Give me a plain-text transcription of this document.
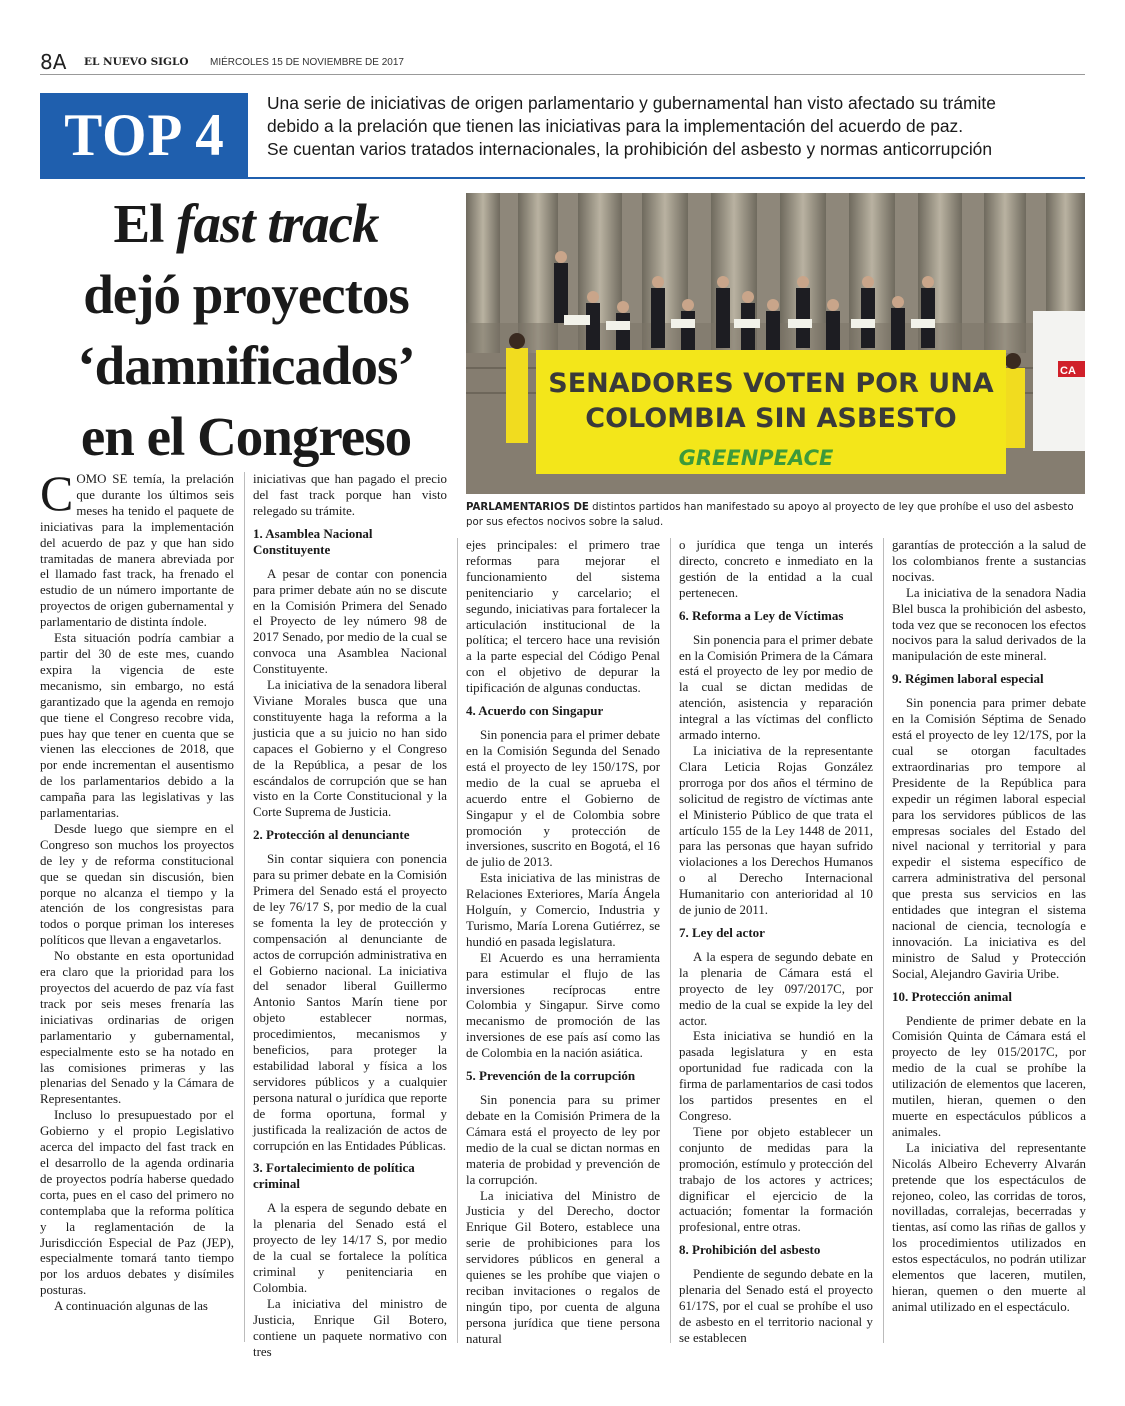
8A EL NUEVO SIGLO MIÉRCOLES 15 DE NOVIEMBRE DE 2017
TOP 4	Una serie de iniciativas de origen parlamentario y gubernamental han visto afectado su trámite
debido a la prelación que tienen las iniciativas para la implementación del acuerdo de paz.
Se cuentan varios tratados internacionales, la prohibición del asbesto y normas anticorrupción
El fast track
dejó proyectos
‘damnificados’
en el Congreso
CA
SENADORES VOTEN POR UNA
COLOMBIA SIN ASBESTO
GREENPEACE
PARLAMENTARIOS DE distintos partidos han manifestado su apoyo al proyecto de ley que prohíbe el uso del asbesto por sus efectos nocivos sobre la salud.

COMO SE temía, la prelación que durante los últimos seis meses ha tenido el paquete de iniciativas para la implementación del acuerdo de paz y que han sido tramitadas de manera abreviada por el llamado fast track, ha frenado el estudio de un número importante de proyectos de origen gubernamental y parlamentario de distinta índole.

Esta situación podría cambiar a partir del 30 de este mes, cuando expira la vigencia de este mecanismo, sin embargo, no está garantizado que la agenda en remojo que tiene el Congreso recobre vida, pues hay que tener en cuenta que se vienen las elecciones de 2018, que por ende incrementan el ausentismo de los parlamentarios debido a la campaña para las legislativas y las parlamentarias.

Desde luego que siempre en el Congreso son muchos los proyectos de ley y de reforma constitucional que se quedan sin discusión, bien porque no alcanza el tiempo y la atención de los congresistas para todos o porque priman los intereses políticos que llevan a engavetarlos.

No obstante en esta oportunidad era claro que la prioridad para los proyectos del acuerdo de paz vía fast track por seis meses frenaría las iniciativas ordinarias de origen parlamentario y gubernamental, especialmente esto se ha notado en las comisiones primeras y las plenarias del Senado y la Cámara de Representantes.

Incluso lo presupuestado por el Gobierno y el propio Legislativo acerca del impacto del fast track en el desarrollo de la agenda ordinaria de proyectos podría haberse quedado corta, pues en el caso del primero no contemplaba que la reforma política y la reglamentación de la Jurisdicción Especial de Paz (JEP), especialmente tomará tanto tiempo por los arduos debates y disímiles posturas.

A continuación algunas de las

iniciativas que han pagado el precio del fast track porque han visto relegado su trámite.

1. Asamblea Nacional Constituyente

A pesar de contar con ponencia para primer debate aún no se discute en la Comisión Primera del Senado el Proyecto de ley número 98 de 2017 Senado, por medio de la cual se convoca una Asamblea Nacional Constituyente.

La iniciativa de la senadora liberal Viviane Morales busca que una constituyente haga la reforma a la justicia que a su juicio no han sido capaces el Gobierno y el Congreso de la República, a pesar de los escándalos de corrupción que se han visto en la Corte Constitucional y la Corte Suprema de Justicia.

2. Protección al denunciante

Sin contar siquiera con ponencia para su primer debate en la Comisión Primera del Senado está el proyecto de ley 76/17 S, por medio de la cual se fomenta la ley de protección y compensación al denunciante de actos de corrupción administrativa en el Gobierno nacional. La iniciativa del senador liberal Guillermo Antonio Santos Marín tiene por objeto establecer normas, procedimientos, mecanismos y beneficios, para proteger la estabilidad laboral y física a los servidores públicos y a cualquier persona natural o jurídica que reporte de forma oportuna, formal y justificada la realización de actos de corrupción en las Entidades Públicas.

3. Fortalecimiento de política criminal

A la espera de segundo debate en la plenaria del Senado está el proyecto de ley 14/17 S, por medio de la cual se fortalece la política criminal y penitenciaria en Colombia.

La iniciativa del ministro de Justicia, Enrique Gil Botero, contiene un paquete normativo con tres

ejes principales: el primero trae reformas para mejorar el funcionamiento del sistema penitenciario y carcelario; el segundo, iniciativas para fortalecer la articulación institucional de la política; el tercero hace una revisión a la parte especial del Código Penal con el objetivo de depurar la tipificación de algunas conductas.

4. Acuerdo con Singapur

Sin ponencia para el primer debate en la Comisión Segunda del Senado está el proyecto de ley 150/17S, por medio de la cual se aprueba el acuerdo entre el Gobierno de Singapur y el de Colombia sobre promoción y protección de inversiones, suscrito en Bogotá, el 16 de julio de 2013.

Esta iniciativa de las ministras de Relaciones Exteriores, María Ángela Holguín, y Comercio, Industria y Turismo, María Lorena Gutiérrez, se hundió en pasada legislatura.

El Acuerdo es una herramienta para estimular el flujo de las inversiones recíprocas entre Colombia y Singapur. Sirve como mecanismo de promoción de las inversiones de ese país así como las de Colombia en la nación asiática.

5. Prevención de la corrupción

Sin ponencia para su primer debate en la Comisión Primera de la Cámara está el proyecto de ley por medio de la cual se dictan normas en materia de probidad y prevención de la corrupción.

La iniciativa del Ministro de Justicia y del Derecho, doctor Enrique Gil Botero, establece una serie de prohibiciones para los servidores públicos en general a quienes se les prohíbe que viajen o reciban invitaciones o regalos de ningún tipo, por cuenta de alguna persona jurídica que tiene persona natural

o jurídica que tenga un interés directo, concreto e inmediato en la gestión de la entidad a la cual pertenecen.

6. Reforma a Ley de Víctimas

Sin ponencia para el primer debate en la Comisión Primera de la Cámara está el proyecto de ley por medio de la cual se dictan medidas de atención, asistencia y reparación integral a las víctimas del conflicto armado interno.

La iniciativa de la representante Clara Leticia Rojas González prorroga por dos años el término de solicitud de registro de víctimas ante el Ministerio Público de que trata el artículo 155 de la Ley 1448 de 2011, para las personas que hayan sufrido violaciones a los Derechos Humanos o al Derecho Internacional Humanitario con anterioridad al 10 de junio de 2011.

7. Ley del actor

A la espera de segundo debate en la plenaria de Cámara está el proyecto de ley 097/2017C, por medio de la cual se expide la ley del actor.

Esta iniciativa se hundió en la pasada legislatura y en esta oportunidad fue radicada con la firma de parlamentarios de casi todos los partidos presentes en el Congreso.

Tiene por objeto establecer un conjunto de medidas para la promoción, estímulo y protección del trabajo de los actores y actrices; dignificar el ejercicio de la actuación; fomentar la formación profesional, entre otras.

8. Prohibición del asbesto

Pendiente de segundo debate en la plenaria del Senado está el proyecto 61/17S, por el cual se prohíbe el uso de asbesto en el territorio nacional y se establecen

garantías de protección a la salud de los colombianos frente a sustancias nocivas.

La iniciativa de la senadora Nadia Blel busca la prohibición del asbesto, toda vez que se reconocen los efectos nocivos para la salud derivados de la manipulación de este mineral.

9. Régimen laboral especial

Sin ponencia para primer debate en la Comisión Séptima de Senado está el proyecto de ley 12/17S, por la cual se otorgan facultades extraordinarias pro tempore al Presidente de la República para expedir un régimen laboral especial para los servidores públicos de las empresas sociales del Estado del nivel nacional y territorial y para expedir el sistema específico de carrera administrativa del personal que presta sus servicios en las entidades que integran el sistema nacional de ciencia, tecnología e innovación. La iniciativa es del ministro de Salud y Protección Social, Alejandro Gaviria Uribe.

10. Protección animal

Pendiente de primer debate en la Comisión Quinta de Cámara está el proyecto de ley 015/2017C, por medio de la cual se prohíbe la utilización de elementos que laceren, mutilen, hieran, quemen o den muerte en espectáculos públicos a animales.

La iniciativa del representante Nicolás Albeiro Echeverry Alvarán pretende que los espectáculos de rejoneo, coleo, las corridas de toros, novilladas, corralejas, becerradas y tientas, así como las riñas de gallos y los procedimientos utilizados en estos espectáculos, no podrán utilizar elementos que laceren, mutilen, hieran, quemen o den muerte al animal utilizado en el espectáculo.
